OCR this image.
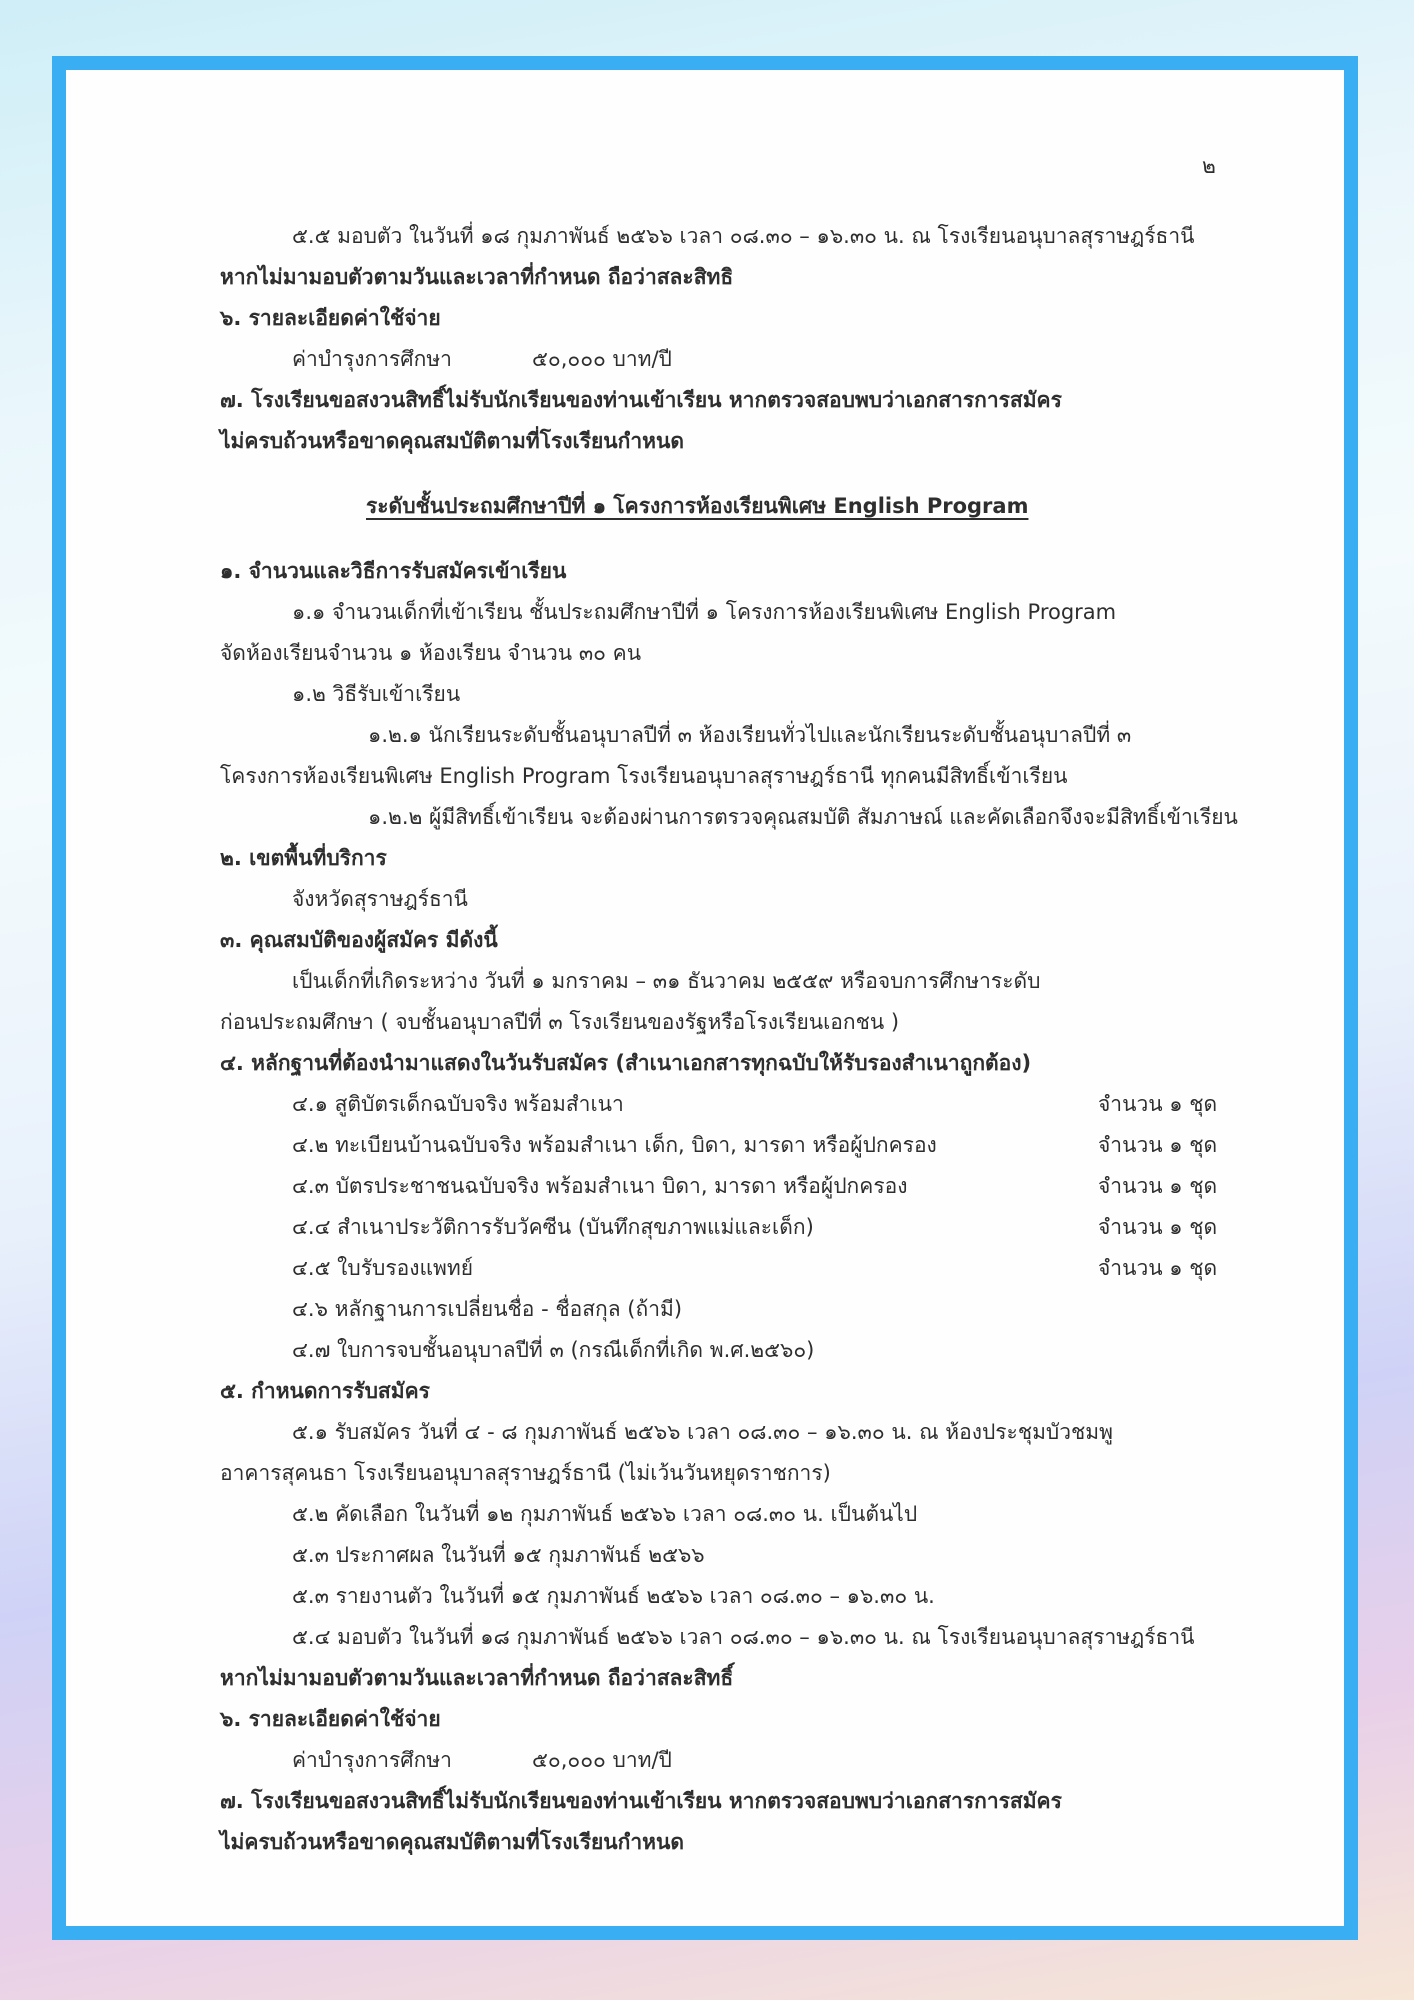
๒
๕.๕ มอบตัว ในวันที่ ๑๘ กุมภาพันธ์ ๒๕๖๖ เวลา ๐๘.๓๐ – ๑๖.๓๐ น. ณ โรงเรียนอนุบาลสุราษฎร์ธานี
หากไม่มามอบตัวตามวันและเวลาที่กำหนด ถือว่าสละสิทธิ
๖. รายละเอียดค่าใช้จ่าย
ค่าบำรุงการศึกษา	๕๐,๐๐๐ บาท/ปี
๗. โรงเรียนขอสงวนสิทธิ์ไม่รับนักเรียนของท่านเข้าเรียน หากตรวจสอบพบว่าเอกสารการสมัคร
ไม่ครบถ้วนหรือขาดคุณสมบัติตามที่โรงเรียนกำหนด
ระดับชั้นประถมศึกษาปีที่ ๑ โครงการห้องเรียนพิเศษ English Program
๑. จำนวนและวิธีการรับสมัครเข้าเรียน
๑.๑ จำนวนเด็กที่เข้าเรียน ชั้นประถมศึกษาปีที่ ๑ โครงการห้องเรียนพิเศษ English Program
จัดห้องเรียนจำนวน ๑ ห้องเรียน จำนวน ๓๐ คน
๑.๒ วิธีรับเข้าเรียน
๑.๒.๑ นักเรียนระดับชั้นอนุบาลปีที่ ๓ ห้องเรียนทั่วไปและนักเรียนระดับชั้นอนุบาลปีที่ ๓
โครงการห้องเรียนพิเศษ English Program โรงเรียนอนุบาลสุราษฎร์ธานี ทุกคนมีสิทธิ์เข้าเรียน
๑.๒.๒ ผู้มีสิทธิ์เข้าเรียน จะต้องผ่านการตรวจคุณสมบัติ สัมภาษณ์ และคัดเลือกจึงจะมีสิทธิ์เข้าเรียน
๒. เขตพื้นที่บริการ
จังหวัดสุราษฎร์ธานี
๓. คุณสมบัติของผู้สมัคร มีดังนี้
เป็นเด็กที่เกิดระหว่าง วันที่ ๑ มกราคม – ๓๑ ธันวาคม ๒๕๕๙ หรือจบการศึกษาระดับ
ก่อนประถมศึกษา ( จบชั้นอนุบาลปีที่ ๓ โรงเรียนของรัฐหรือโรงเรียนเอกชน )
๔. หลักฐานที่ต้องนำมาแสดงในวันรับสมัคร (สำเนาเอกสารทุกฉบับให้รับรองสำเนาถูกต้อง)
๔.๑ สูติบัตรเด็กฉบับจริง พร้อมสำเนา	จำนวน ๑ ชุด
๔.๒ ทะเบียนบ้านฉบับจริง พร้อมสำเนา เด็ก, บิดา, มารดา หรือผู้ปกครอง	จำนวน ๑ ชุด
๔.๓ บัตรประชาชนฉบับจริง พร้อมสำเนา บิดา, มารดา หรือผู้ปกครอง	จำนวน ๑ ชุด
๔.๔ สำเนาประวัติการรับวัคซีน (บันทึกสุขภาพแม่และเด็ก)	จำนวน ๑ ชุด
๔.๕ ใบรับรองแพทย์	จำนวน ๑ ชุด
๔.๖ หลักฐานการเปลี่ยนชื่อ - ชื่อสกุล (ถ้ามี)
๔.๗ ใบการจบชั้นอนุบาลปีที่ ๓ (กรณีเด็กที่เกิด พ.ศ.๒๕๖๐)
๕. กำหนดการรับสมัคร
๕.๑ รับสมัคร วันที่ ๔ - ๘ กุมภาพันธ์ ๒๕๖๖ เวลา ๐๘.๓๐ – ๑๖.๓๐ น. ณ ห้องประชุมบัวชมพู
อาคารสุคนธา โรงเรียนอนุบาลสุราษฎร์ธานี (ไม่เว้นวันหยุดราชการ)
๕.๒ คัดเลือก ในวันที่ ๑๒ กุมภาพันธ์ ๒๕๖๖ เวลา ๐๘.๓๐ น. เป็นต้นไป
๕.๓ ประกาศผล ในวันที่ ๑๕ กุมภาพันธ์ ๒๕๖๖
๕.๓ รายงานตัว ในวันที่ ๑๕ กุมภาพันธ์ ๒๕๖๖ เวลา ๐๘.๓๐ – ๑๖.๓๐ น.
๕.๔ มอบตัว ในวันที่ ๑๘ กุมภาพันธ์ ๒๕๖๖ เวลา ๐๘.๓๐ – ๑๖.๓๐ น. ณ โรงเรียนอนุบาลสุราษฎร์ธานี
หากไม่มามอบตัวตามวันและเวลาที่กำหนด ถือว่าสละสิทธิ์
๖. รายละเอียดค่าใช้จ่าย
ค่าบำรุงการศึกษา	๕๐,๐๐๐ บาท/ปี
๗. โรงเรียนขอสงวนสิทธิ์ไม่รับนักเรียนของท่านเข้าเรียน หากตรวจสอบพบว่าเอกสารการสมัคร
ไม่ครบถ้วนหรือขาดคุณสมบัติตามที่โรงเรียนกำหนด
